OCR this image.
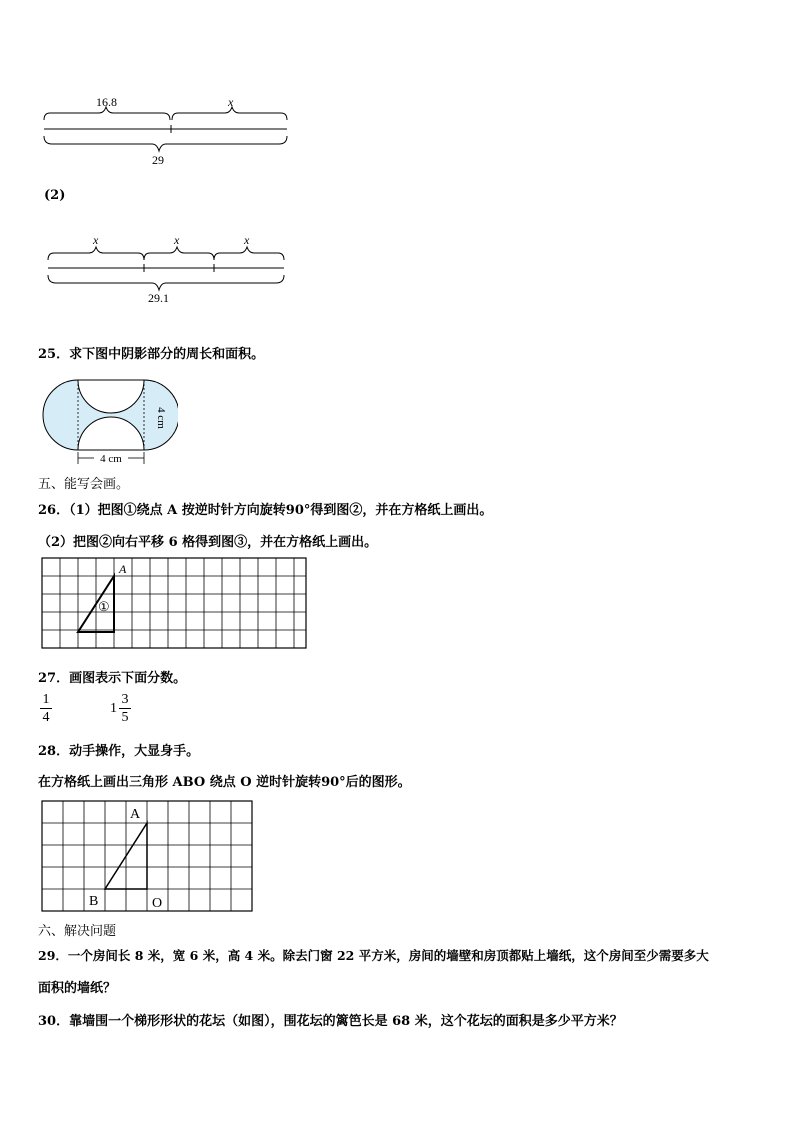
16.8	x
29
(2)
x	x	x
29.1
25．求下图中阴影部分的周长和面积。
4 cm
4 cm
五、能写会画。
26．（1）把图①绕点 A 按逆时针方向旋转90°得到图②，并在方格纸上画出。
（2）把图②向右平移 6 格得到图③，并在方格纸上画出。
A
①
27．画图表示下面分数。
1
4
1
3
5
28．动手操作，大显身手。
在方格纸上画出三角形 ABO 绕点 O 逆时针旋转90°后的图形。
A
B	O
六、解决问题
29．一个房间长 8 米，宽 6 米，高 4 米。除去门窗 22 平方米，房间的墙壁和房顶都贴上墙纸，这个房间至少需要多大
面积的墙纸？
30．靠墙围一个梯形形状的花坛（如图），围花坛的篱笆长是 68 米，这个花坛的面积是多少平方米？
